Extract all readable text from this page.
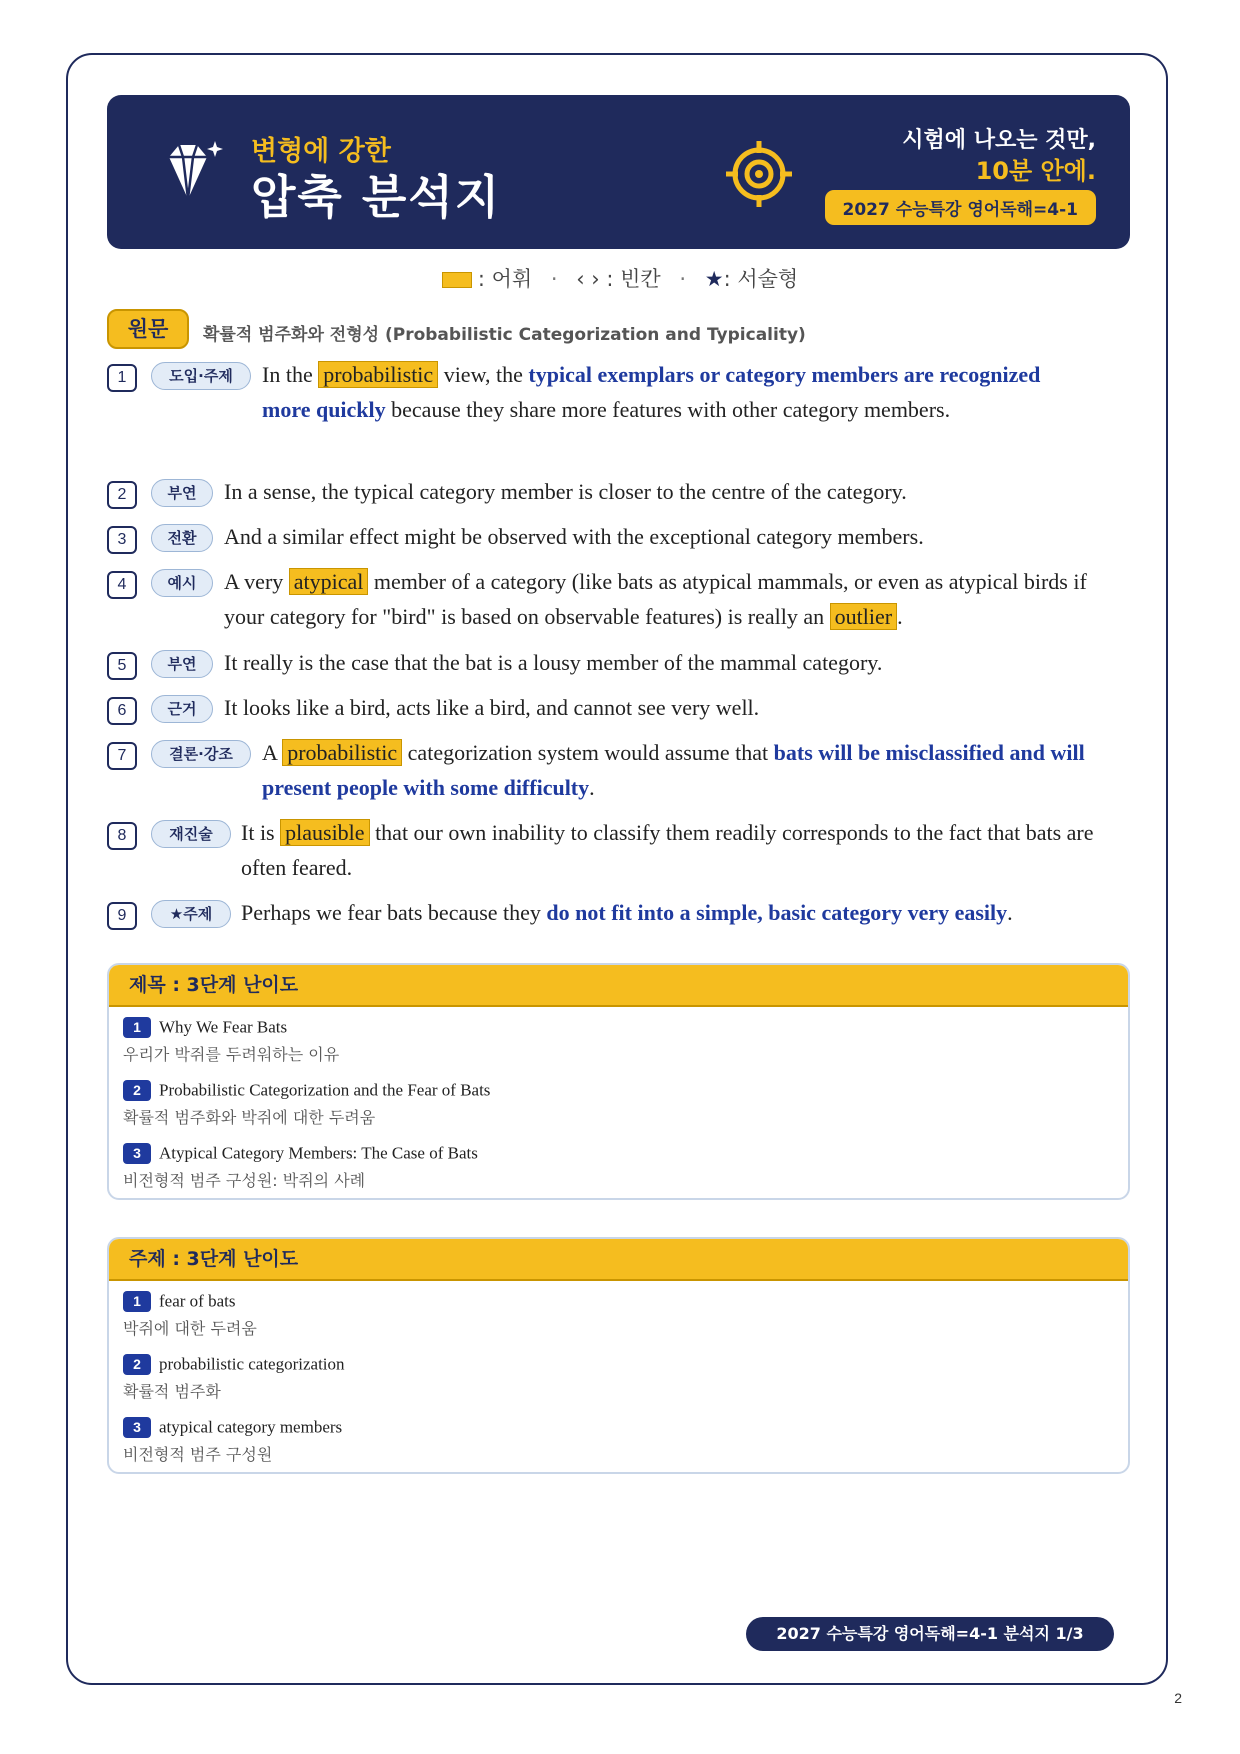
변형에 강한
압축 분석지
시험에 나오는 것만,
10분 안에.
2027 수능특강 영어독해=4-1
: 어휘 · ‹ › : 빈칸 · ★: 서술형
원문	확률적 범주화와 전형성 (Probabilistic Categorization and Typicality)
1	도입·주제	In the probabilistic view, the typical exemplars or category members are recognized more quickly because they share more features with other category members.
2	부연	In a sense, the typical category member is closer to the centre of the category.
3	전환	And a similar effect might be observed with the exceptional category members.
4	예시	A very atypical member of a category (like bats as atypical mammals, or even as atypical birds if your category for "bird" is based on observable features) is really an outlier .
5	부연	It really is the case that the bat is a lousy member of the mammal category.
6	근거	It looks like a bird, acts like a bird, and cannot see very well.
7	결론·강조	A probabilistic categorization system would assume that bats will be misclassified and will present people with some difficulty.
8	재진술	It is plausible that our own inability to classify them readily corresponds to the fact that bats are often feared.
9	★주제	Perhaps we fear bats because they do not fit into a simple, basic category very easily.
제목 : 3단계 난이도
1 Why We Fear Bats
우리가 박쥐를 두려워하는 이유
2 Probabilistic Categorization and the Fear of Bats
확률적 범주화와 박쥐에 대한 두려움
3 Atypical Category Members: The Case of Bats
비전형적 범주 구성원: 박쥐의 사례
주제 : 3단계 난이도
1 fear of bats
박쥐에 대한 두려움
2 probabilistic categorization
확률적 범주화
3 atypical category members
비전형적 범주 구성원
2027 수능특강 영어독해=4-1 분석지 1/3
2
